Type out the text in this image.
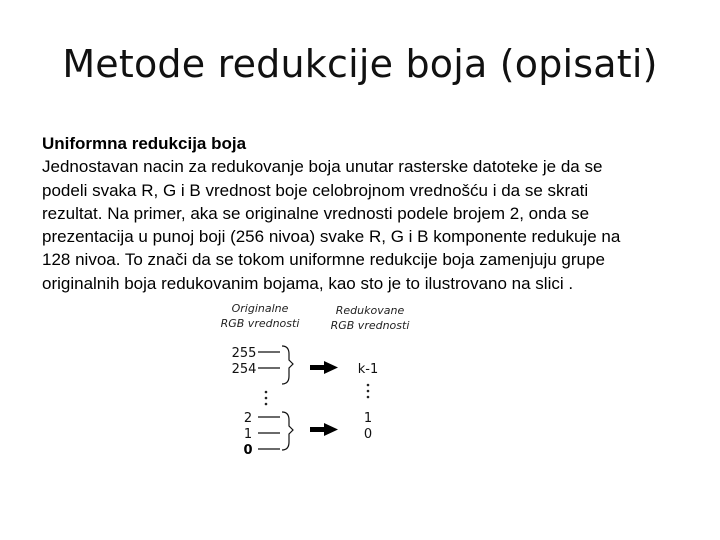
Metode redukcije boja (opisati)
Uniformna redukcija boja
Jednostavan nacin za redukovanje boja unutar rasterske datoteke je da se
podeli svaka R, G i B vrednost boje celobrojnom vrednošću i da se skrati
rezultat. Na primer, aka se originalne vrednosti podele brojem 2, onda se
prezentacija u punoj boji (256 nivoa) svake R, G i B komponente redukuje na
128 nivoa. To znači da se tokom uniformne redukcije boja zamenjuju grupe
originalnih boja redukovanim bojama, kao sto je to ilustrovano na slici .
Originalne
RGB vrednosti
Redukovane
RGB vrednosti
255
254	k-1
2
1
0
1
0
